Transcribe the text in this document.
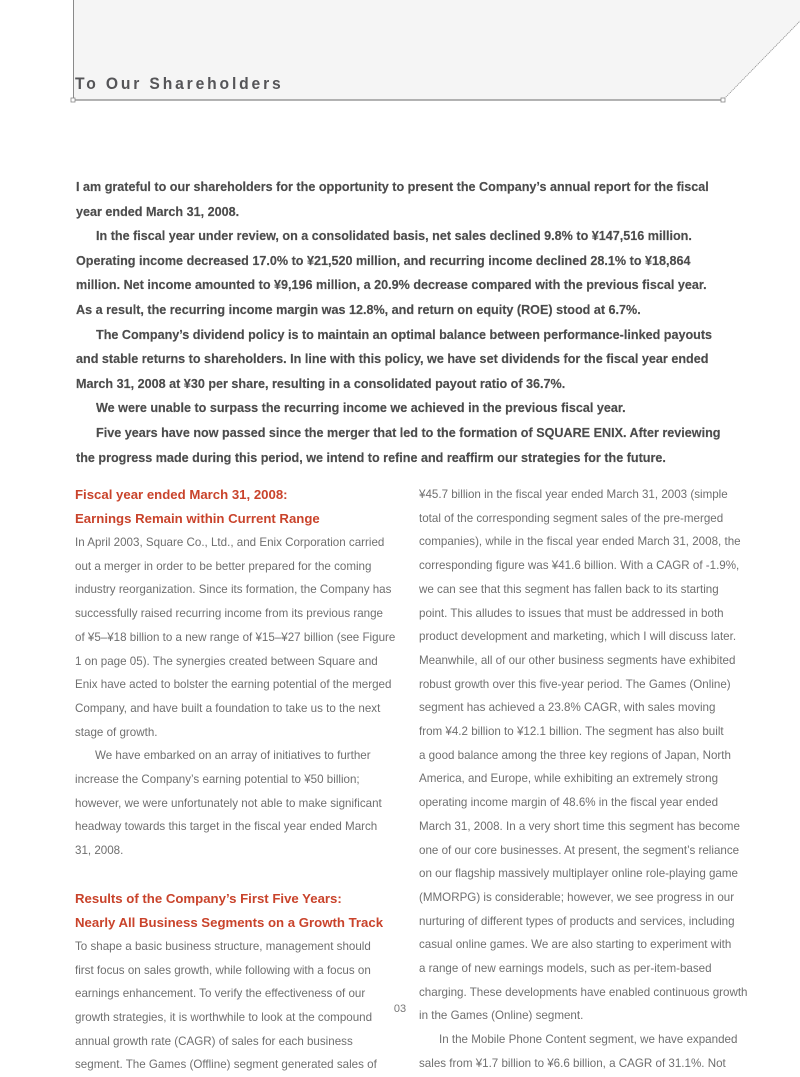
To Our Shareholders

I am grateful to our shareholders for the opportunity to present the Company’s annual report for the fiscal
year ended March 31, 2008.

In the fiscal year under review, on a consolidated basis, net sales declined 9.8% to ¥147,516 million.
Operating income decreased 17.0% to ¥21,520 million, and recurring income declined 28.1% to ¥18,864
million. Net income amounted to ¥9,196 million, a 20.9% decrease compared with the previous fiscal year.
As a result, the recurring income margin was 12.8%, and return on equity (ROE) stood at 6.7%.

The Company’s dividend policy is to maintain an optimal balance between performance-linked payouts
and stable returns to shareholders. In line with this policy, we have set dividends for the fiscal year ended
March 31, 2008 at ¥30 per share, resulting in a consolidated payout ratio of 36.7%.

We were unable to surpass the recurring income we achieved in the previous fiscal year.

Five years have now passed since the merger that led to the formation of SQUARE ENIX. After reviewing
the progress made during this period, we intend to refine and reaffirm our strategies for the future.

Fiscal year ended March 31, 2008:
Earnings Remain within Current Range
In April 2003, Square Co., Ltd., and Enix Corporation carried
out a merger in order to be better prepared for the coming
industry reorganization. Since its formation, the Company has
successfully raised recurring income from its previous range
of ¥5–¥18 billion to a new range of ¥15–¥27 billion (see Figure
1 on page 05). The synergies created between Square and
Enix have acted to bolster the earning potential of the merged
Company, and have built a foundation to take us to the next
stage of growth.
We have embarked on an array of initiatives to further
increase the Company’s earning potential to ¥50 billion;
however, we were unfortunately not able to make significant
headway towards this target in the fiscal year ended March
31, 2008.
Results of the Company’s First Five Years:
Nearly All Business Segments on a Growth Track
To shape a basic business structure, management should
first focus on sales growth, while following with a focus on
earnings enhancement. To verify the effectiveness of our
growth strategies, it is worthwhile to look at the compound
annual growth rate (CAGR) of sales for each business
segment. The Games (Offline) segment generated sales of
¥45.7 billion in the fiscal year ended March 31, 2003 (simple
total of the corresponding segment sales of the pre-merged
companies), while in the fiscal year ended March 31, 2008, the
corresponding figure was ¥41.6 billion. With a CAGR of -1.9%,
we can see that this segment has fallen back to its starting
point. This alludes to issues that must be addressed in both
product development and marketing, which I will discuss later.
Meanwhile, all of our other business segments have exhibited
robust growth over this five-year period. The Games (Online)
segment has achieved a 23.8% CAGR, with sales moving
from ¥4.2 billion to ¥12.1 billion. The segment has also built
a good balance among the three key regions of Japan, North
America, and Europe, while exhibiting an extremely strong
operating income margin of 48.6% in the fiscal year ended
March 31, 2008. In a very short time this segment has become
one of our core businesses. At present, the segment’s reliance
on our flagship massively multiplayer online role-playing game
(MMORPG) is considerable; however, we see progress in our
nurturing of different types of products and services, including
casual online games. We are also starting to experiment with
a range of new earnings models, such as per-item-based
charging. These developments have enabled continuous growth
in the Games (Online) segment.
In the Mobile Phone Content segment, we have expanded
sales from ¥1.7 billion to ¥6.6 billion, a CAGR of 31.1%. Not
03
